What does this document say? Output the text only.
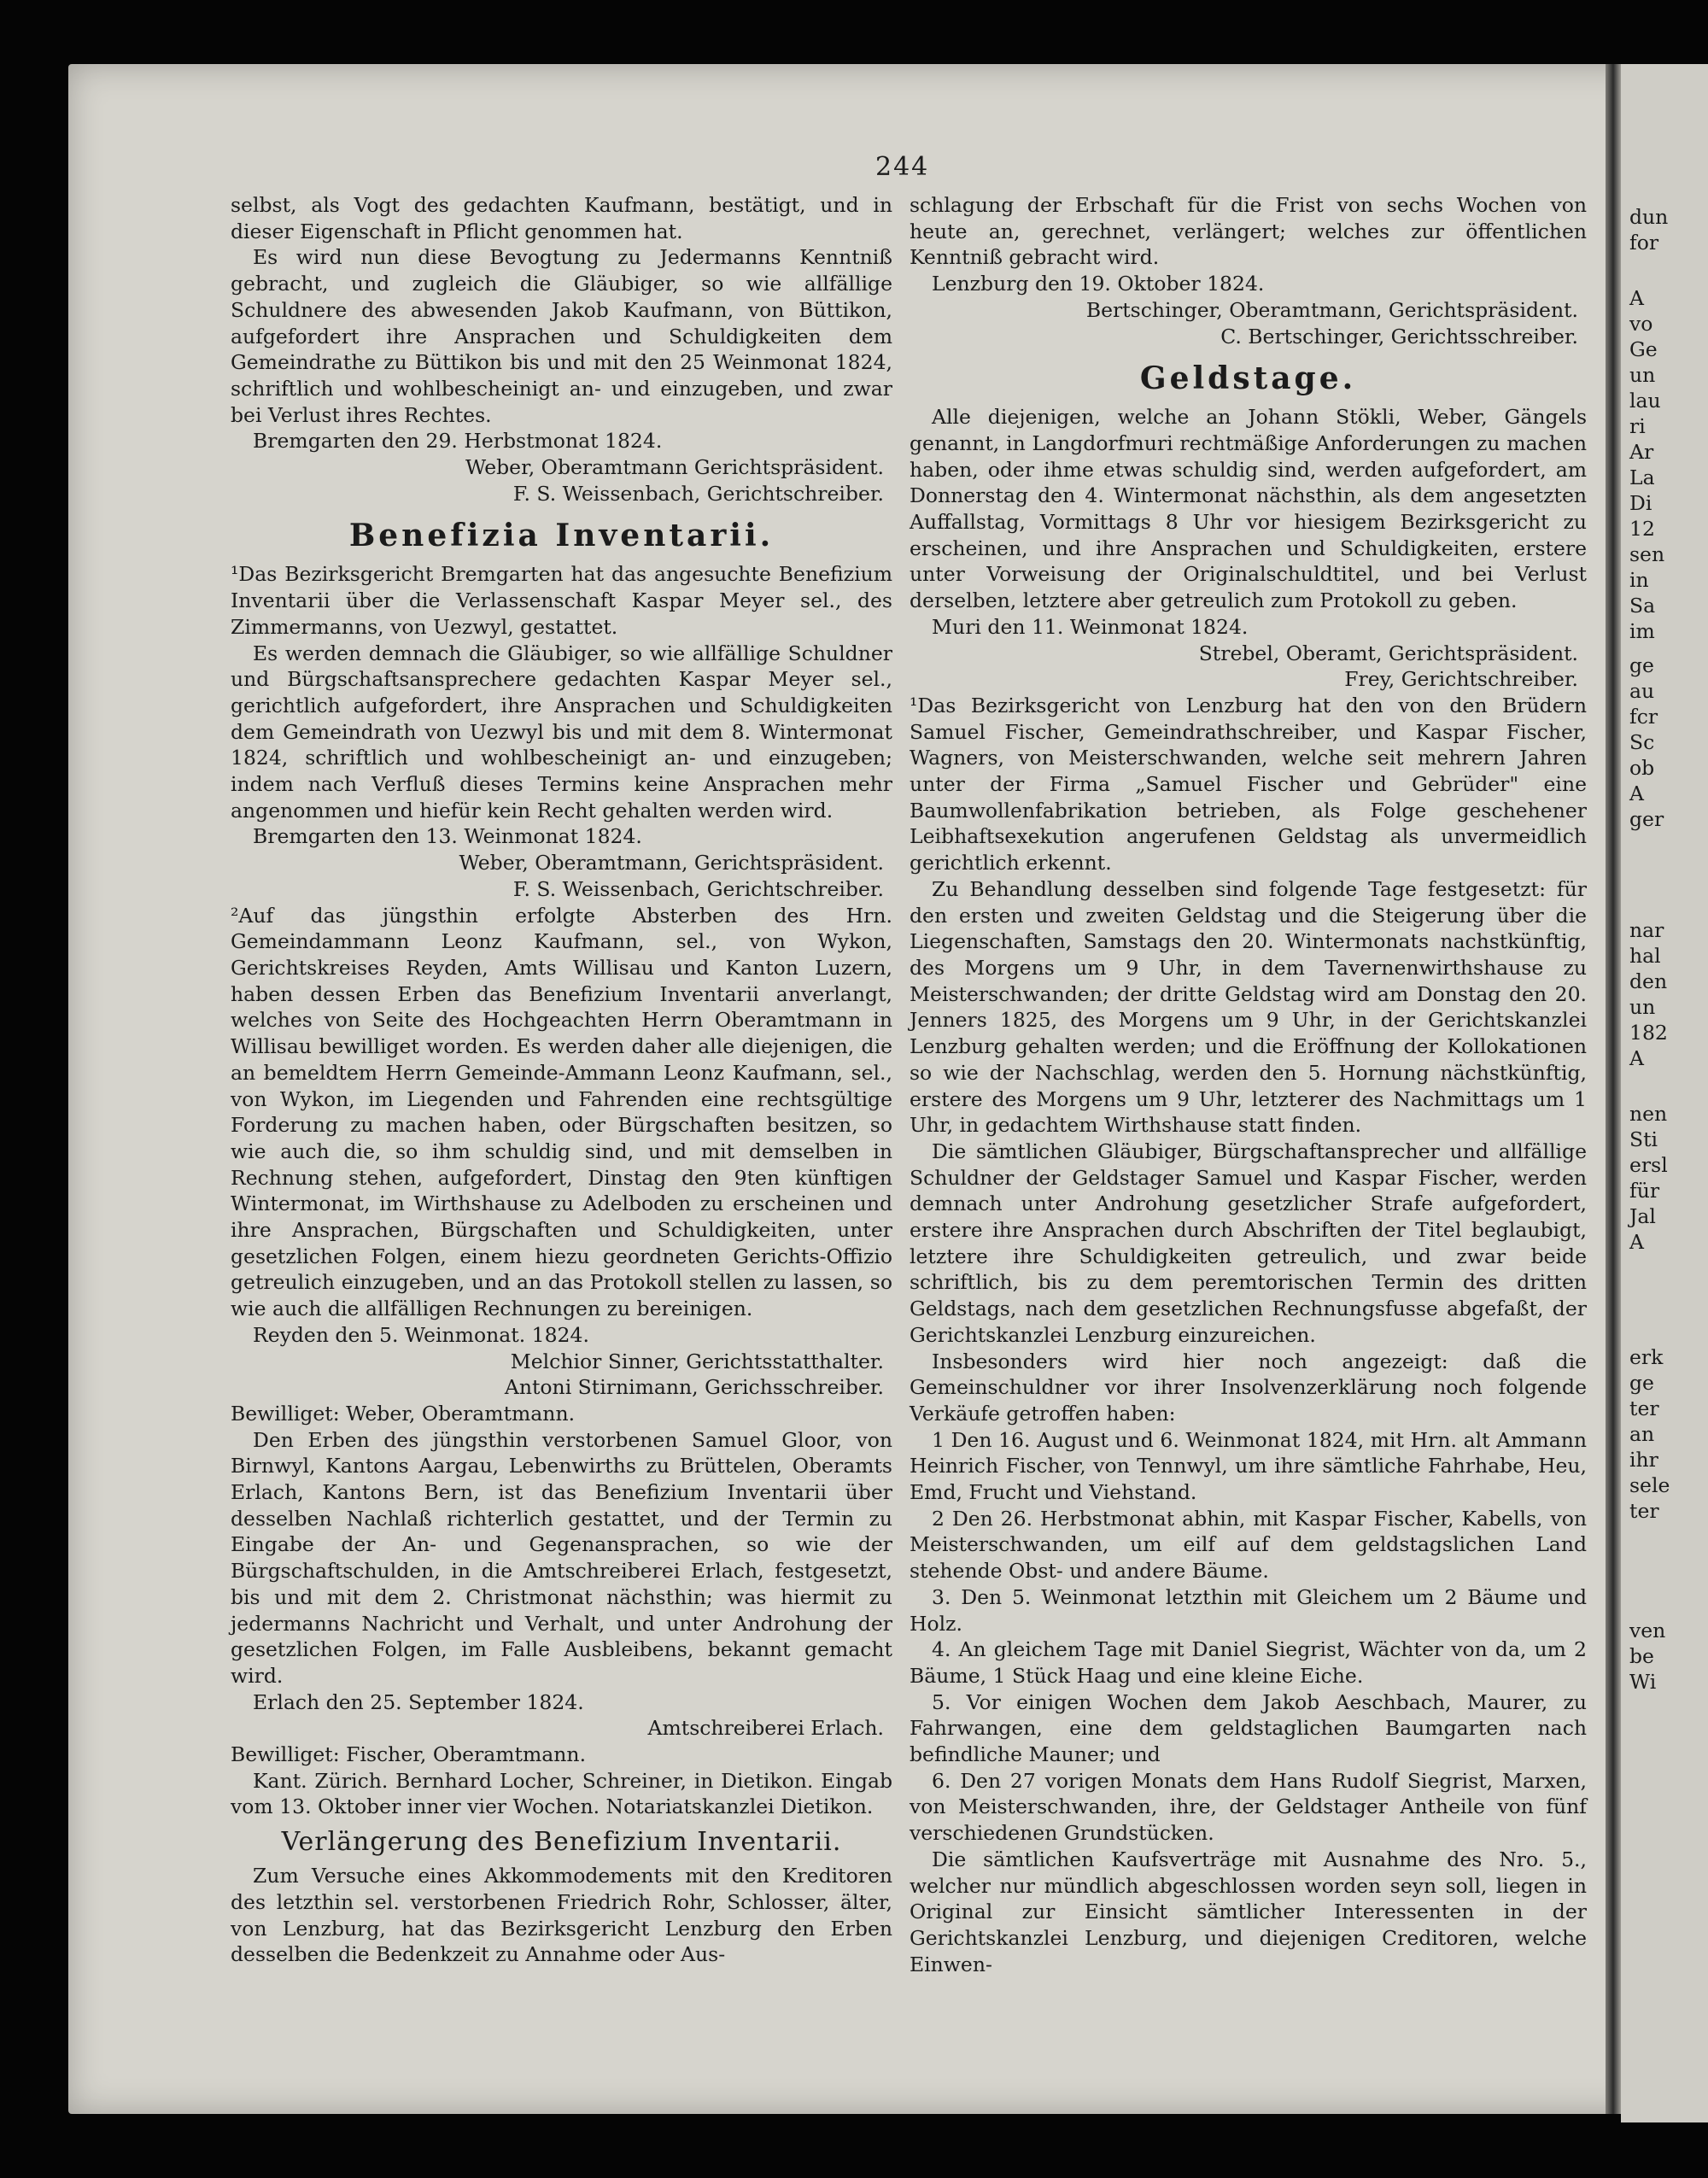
dun
for
A
vo
Ge
un
lau
ri
Ar
La
Di
12
sen
in
Sa
im
ge
au
fcr
Sc
ob
A
ger
nar
hal
den
un
182
A
nen
Sti
ersl
für
Jal
A
erk
ge
ter
an
ihr
sele
ter
ven
be
Wi
244

selbst, als Vogt des gedachten Kaufmann, bestätigt, und in dieser Eigenschaft in Pflicht genommen hat.

Es wird nun diese Bevogtung zu Jedermanns Kenntniß gebracht, und zugleich die Gläubiger, so wie allfällige Schuldnere des abwesenden Jakob Kaufmann, von Büttikon, aufgefordert ihre Ansprachen und Schuldigkeiten dem Gemeindrathe zu Büttikon bis und mit den 25 Weinmonat 1824, schriftlich und wohlbescheinigt an- und einzugeben, und zwar bei Verlust ihres Rechtes.

Bremgarten den 29. Herbstmonat 1824.

Weber, Oberamtmann Gerichtspräsident.

F. S. Weissenbach, Gerichtschreiber.

Benefizia Inventarii.

¹Das Bezirksgericht Bremgarten hat das angesuchte Benefizium Inventarii über die Verlassenschaft Kaspar Meyer sel., des Zimmermanns, von Uezwyl, gestattet.

Es werden demnach die Gläubiger, so wie allfällige Schuldner und Bürgschaftsansprechere gedachten Kaspar Meyer sel., gerichtlich aufgefordert, ihre Ansprachen und Schuldigkeiten dem Gemeindrath von Uezwyl bis und mit dem 8. Wintermonat 1824, schriftlich und wohlbescheinigt an- und einzugeben; indem nach Verfluß dieses Termins keine Ansprachen mehr angenommen und hiefür kein Recht gehalten werden wird.

Bremgarten den 13. Weinmonat 1824.

Weber, Oberamtmann, Gerichtspräsident.

F. S. Weissenbach, Gerichtschreiber.

²Auf das jüngsthin erfolgte Absterben des Hrn. Gemeindammann Leonz Kaufmann, sel., von Wykon, Gerichtskreises Reyden, Amts Willisau und Kanton Luzern, haben dessen Erben das Benefizium Inventarii anverlangt, welches von Seite des Hochgeachten Herrn Oberamtmann in Willisau bewilliget worden. Es werden daher alle diejenigen, die an bemeldtem Herrn Gemeinde-Ammann Leonz Kaufmann, sel., von Wykon, im Liegenden und Fahrenden eine rechtsgültige Forderung zu machen haben, oder Bürgschaften besitzen, so wie auch die, so ihm schuldig sind, und mit demselben in Rechnung stehen, aufgefordert, Dinstag den 9ten künftigen Wintermonat, im Wirthshause zu Adelboden zu erscheinen und ihre Ansprachen, Bürgschaften und Schuldigkeiten, unter gesetzlichen Folgen, einem hiezu geordneten Gerichts-Offizio getreulich einzugeben, und an das Protokoll stellen zu lassen, so wie auch die allfälligen Rechnungen zu bereinigen.

Reyden den 5. Weinmonat. 1824.

Melchior Sinner, Gerichtsstatthalter.

Antoni Stirnimann, Gerichsschreiber.

Bewilliget: Weber, Oberamtmann.

Den Erben des jüngsthin verstorbenen Samuel Gloor, von Birnwyl, Kantons Aargau, Lebenwirths zu Brüttelen, Oberamts Erlach, Kantons Bern, ist das Benefizium Inventarii über desselben Nachlaß richterlich gestattet, und der Termin zu Eingabe der An- und Gegenansprachen, so wie der Bürgschaftschulden, in die Amtschreiberei Erlach, festgesetzt, bis und mit dem 2. Christmonat nächsthin; was hiermit zu jedermanns Nachricht und Verhalt, und unter Androhung der gesetzlichen Folgen, im Falle Ausbleibens, bekannt gemacht wird.

Erlach den 25. September 1824.

Amtschreiberei Erlach.

Bewilliget: Fischer, Oberamtmann.

Kant. Zürich. Bernhard Locher, Schreiner, in Dietikon. Eingab vom 13. Oktober inner vier Wochen. Notariatskanzlei Dietikon.

Verlängerung des Benefizium Inventarii.

Zum Versuche eines Akkommodements mit den Kreditoren des letzthin sel. verstorbenen Friedrich Rohr, Schlosser, älter, von Lenzburg, hat das Bezirksgericht Lenzburg den Erben desselben die Bedenkzeit zu Annahme oder Aus-

schlagung der Erbschaft für die Frist von sechs Wochen von heute an, gerechnet, verlängert; welches zur öffentlichen Kenntniß gebracht wird.

Lenzburg den 19. Oktober 1824.

Bertschinger, Oberamtmann, Gerichtspräsident.

C. Bertschinger, Gerichtsschreiber.

Geldstage.

Alle diejenigen, welche an Johann Stökli, Weber, Gängels genannt, in Langdorfmuri rechtmäßige Anforderungen zu machen haben, oder ihme etwas schuldig sind, werden aufgefordert, am Donnerstag den 4. Wintermonat nächsthin, als dem angesetzten Auffallstag, Vormittags 8 Uhr vor hiesigem Bezirksgericht zu erscheinen, und ihre Ansprachen und Schuldigkeiten, erstere unter Vorweisung der Originalschuldtitel, und bei Verlust derselben, letztere aber getreulich zum Protokoll zu geben.

Muri den 11. Weinmonat 1824.

Strebel, Oberamt, Gerichtspräsident.

Frey, Gerichtschreiber.

¹Das Bezirksgericht von Lenzburg hat den von den Brüdern Samuel Fischer, Gemeindrathschreiber, und Kaspar Fischer, Wagners, von Meisterschwanden, welche seit mehrern Jahren unter der Firma „Samuel Fischer und Gebrüder" eine Baumwollenfabrikation betrieben, als Folge geschehener Leibhaftsexekution angerufenen Geldstag als unvermeidlich gerichtlich erkennt.

Zu Behandlung desselben sind folgende Tage festgesetzt: für den ersten und zweiten Geldstag und die Steigerung über die Liegenschaften, Samstags den 20. Wintermonats nachstkünftig, des Morgens um 9 Uhr, in dem Tavernenwirthshause zu Meisterschwanden; der dritte Geldstag wird am Donstag den 20. Jenners 1825, des Morgens um 9 Uhr, in der Gerichtskanzlei Lenzburg gehalten werden; und die Eröffnung der Kollokationen so wie der Nachschlag, werden den 5. Hornung nächstkünftig, erstere des Morgens um 9 Uhr, letzterer des Nachmittags um 1 Uhr, in gedachtem Wirthshause statt finden.

Die sämtlichen Gläubiger, Bürgschaftansprecher und allfällige Schuldner der Geldstager Samuel und Kaspar Fischer, werden demnach unter Androhung gesetzlicher Strafe aufgefordert, erstere ihre Ansprachen durch Abschriften der Titel beglaubigt, letztere ihre Schuldigkeiten getreulich, und zwar beide schriftlich, bis zu dem peremtorischen Termin des dritten Geldstags, nach dem gesetzlichen Rechnungsfusse abgefaßt, der Gerichtskanzlei Lenzburg einzureichen.

Insbesonders wird hier noch angezeigt: daß die Gemeinschuldner vor ihrer Insolvenzerklärung noch folgende Verkäufe getroffen haben:

1 Den 16. August und 6. Weinmonat 1824, mit Hrn. alt Ammann Heinrich Fischer, von Tennwyl, um ihre sämtliche Fahrhabe, Heu, Emd, Frucht und Viehstand.

2 Den 26. Herbstmonat abhin, mit Kaspar Fischer, Kabells, von Meisterschwanden, um eilf auf dem geldstagslichen Land stehende Obst- und andere Bäume.

3. Den 5. Weinmonat letzthin mit Gleichem um 2 Bäume und Holz.

4. An gleichem Tage mit Daniel Siegrist, Wächter von da, um 2 Bäume, 1 Stück Haag und eine kleine Eiche.

5. Vor einigen Wochen dem Jakob Aeschbach, Maurer, zu Fahrwangen, eine dem geldstaglichen Baumgarten nach befindliche Mauner; und

6. Den 27 vorigen Monats dem Hans Rudolf Siegrist, Marxen, von Meisterschwanden, ihre, der Geldstager Antheile von fünf verschiedenen Grundstücken.

Die sämtlichen Kaufsverträge mit Ausnahme des Nro. 5., welcher nur mündlich abgeschlossen worden seyn soll, liegen in Original zur Einsicht sämtlicher Interessenten in der Gerichtskanzlei Lenzburg, und diejenigen Creditoren, welche Einwen-
